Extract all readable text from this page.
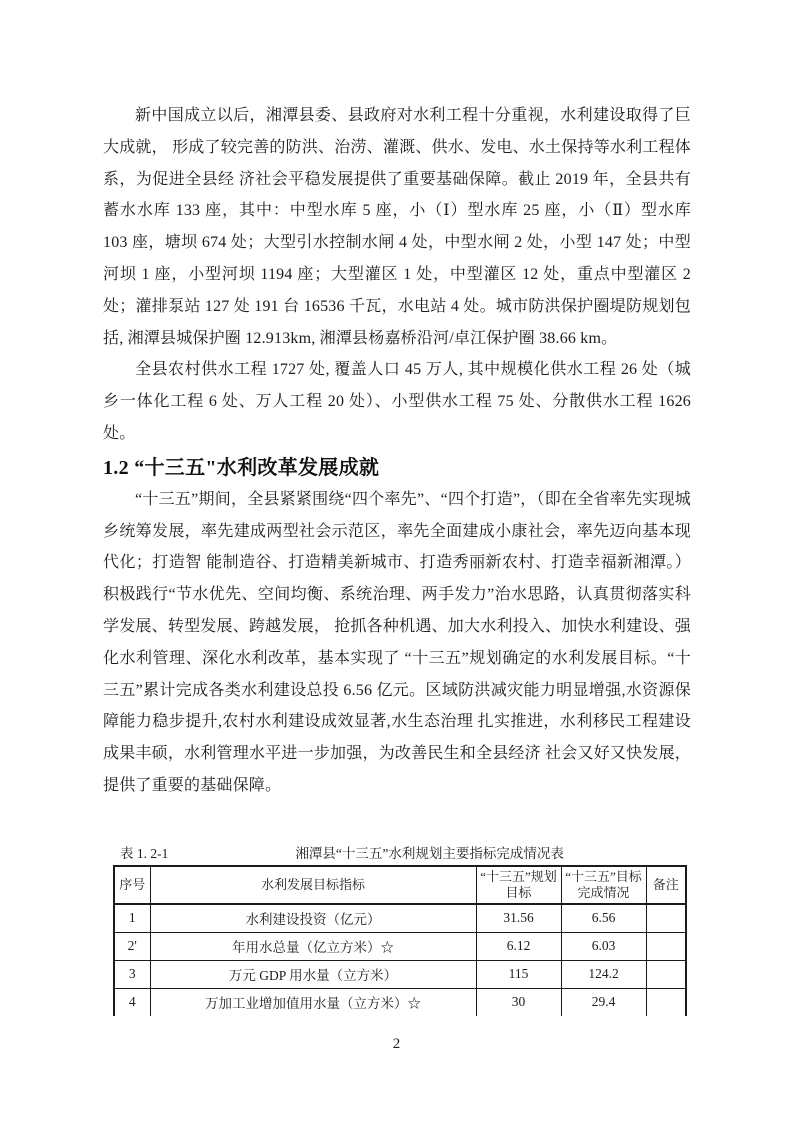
新中国成立以后，湘潭县委、县政府对水利工程十分重视，水利建设取得了巨大成就， 形成了较完善的防洪、治涝、灌溉、供水、发电、水土保持等水利工程体系，为促进全县经 济社会平稳发展提供了重要基础保障。截止 2019 年，全县共有蓄水水库 133 座，其中：中型水库 5 座，小（Ⅰ）型水库 25 座，小（Ⅱ）型水库 103 座，塘坝 674 处；大型引水控制水闸 4 处，中型水闸 2 处，小型 147 处；中型河坝 1 座，小型河坝 1194 座；大型灌区 1 处，中型灌区 12 处，重点中型灌区 2 处；灌排泵站 127 处 191 台 16536 千瓦，水电站 4 处。城市防洪保护圈堤防规划包括, 湘潭县城保护圈 12.913km, 湘潭县杨嘉桥沿河/卓江保护圈 38.66 km。

全县农村供水工程 1727 处, 覆盖人口 45 万人, 其中规模化供水工程 26 处（城乡一体化工程 6 处、万人工程 20 处）、小型供水工程 75 处、分散供水工程 1626 处。

1.2 “十三五"水利改革发展成就

“十三五”期间，全县紧紧围绕“四个率先”、“四个打造”，（即在全省率先实现城乡统筹发展，率先建成两型社会示范区，率先全面建成小康社会，率先迈向基本现代化；打造智 能制造谷、打造精美新城市、打造秀丽新农村、打造幸福新湘潭。）积极践行“节水优先、空间均衡、系统治理、两手发力”治水思路，认真贯彻落实科学发展、转型发展、跨越发展， 抢抓各种机遇、加大水利投入、加快水利建设、强化水利管理、深化水利改革，基本实现了 “十三五”规划确定的水利发展目标。“十三五”累计完成各类水利建设总投 6.56 亿元。区域防洪减灾能力明显增强,水资源保障能力稳步提升,农村水利建设成效显著,水生态治理 扎实推进，水利移民工程建设成果丰硕，水利管理水平进一步加强，为改善民生和全县经济 社会又好又快发展，提供了重要的基础保障。

表 1. 2-1	湘潭县“十三五”水利规划主要指标完成情况表
序号	水利发展目标指标	“十三五”规划目标	“十三五”目标完成情况	备注
1	水利建设投资（亿元）	31.56	6.56	
2'	年用水总量（亿立方米）☆	6.12	6.03	
3	万元 GDP 用水量（立方米）	115	124.2	
4	万加工业增加值用水量（立方米）☆	30	29.4	
2
